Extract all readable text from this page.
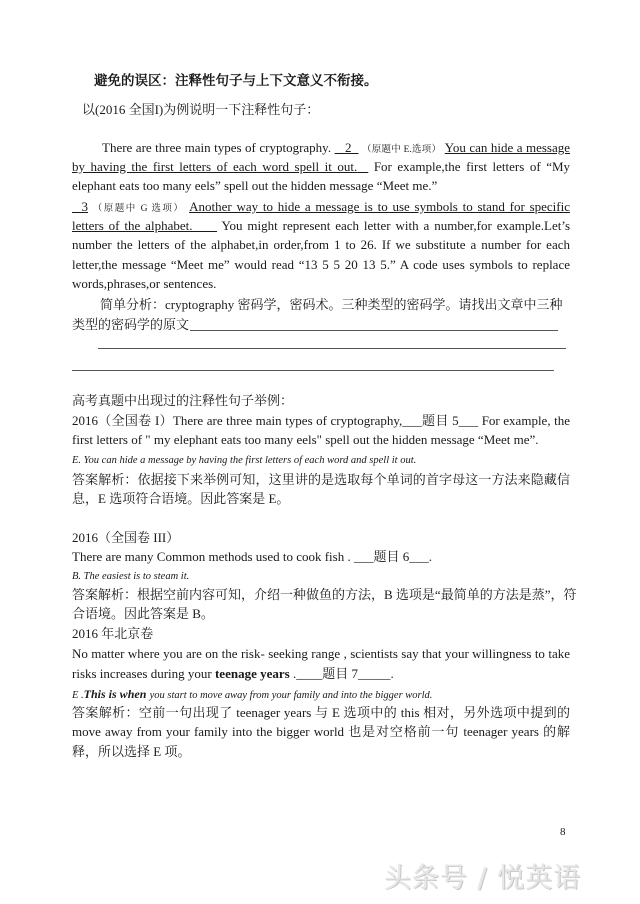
避免的误区：注释性句子与上下文意义不衔接。
以(2016 全国I)为例说明一下注释性句子：
There are three main types of cryptography. 2 （原题中 E.选项） You can hide a message
by having the first letters of each word spell it out. For example,the first letters of “My
elephant eats too many eels” spell out the hidden message “Meet me.”
3 （原题中 G 选项） Another way to hide a message is to use symbols to stand for specific
letters of the alphabet. You might represent each letter with a number,for example.Let’s
number the letters of the alphabet,in order,from 1 to 26. If we substitute a number for each
letter,the message “Meet me” would read “13 5 5 20 13 5.” A code uses symbols to replace
words,phrases,or sentences.
简单分析：cryptography 密码学，密码术。三种类型的密码学。请找出文章中三种
类型的密码学的原文
高考真题中出现过的注释性句子举例：
2016（全国卷 I）There are three main types of cryptography,___题目 5___ For example, the
first letters of " my elephant eats too many eels" spell out the hidden message “Meet me”.
E. You can hide a message by having the first letters of each word and spell it out.
答案解析：依据接下来举例可知，这里讲的是选取每个单词的首字母这一方法来隐藏信
息，E 选项符合语境。因此答案是 E。
2016（全国卷 III）
There are many Common methods used to cook fish . ___题目 6___.
B. The easiest is to steam it.
答案解析：根据空前内容可知，介绍一种做鱼的方法，B 选项是“最简单的方法是蒸”，符
合语境。因此答案是 B。
2016 年北京卷
No matter where you are on the risk- seeking range , scientists say that your willingness to take
risks increases during your teenage years .____题目 7_____.
E .This is when you start to move away from your family and into the bigger world.
答案解析：空前一句出现了 teenager years 与 E 选项中的 this 相对，另外选项中提到的
move away from your family into the bigger world 也是对空格前一句 teenager years 的解
释，所以选择 E 项。
8
头条号 / 悦英语
